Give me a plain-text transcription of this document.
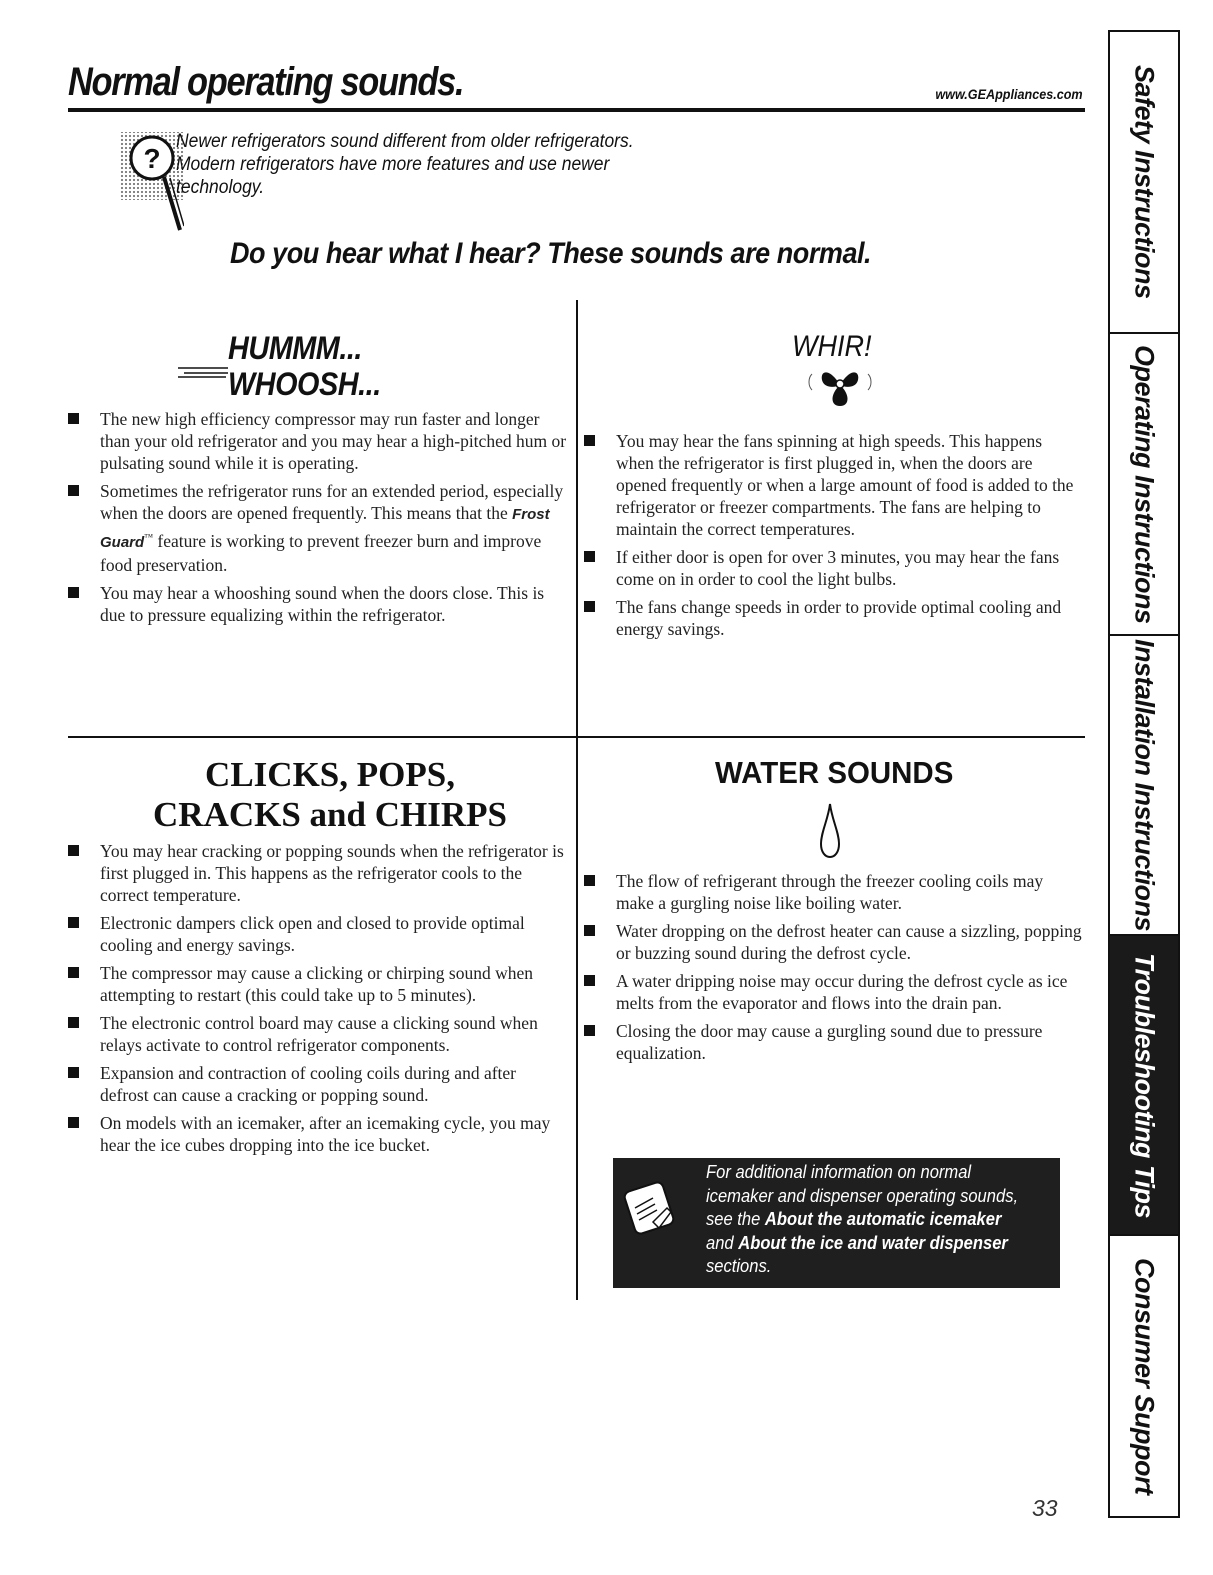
Normal operating sounds.	www.GEAppliances.com
?
Newer refrigerators sound different from older refrigerators. Modern refrigerators have more features and use newer technology.
Do you hear what I hear? These sounds are normal.
HUMMM...
WHOOSH...
The new high efficiency compressor may run faster and longer than your old refrigerator and you may hear a high-pitched hum or pulsating sound while it is operating.
Sometimes the refrigerator runs for an extended period, especially when the doors are opened frequently. This means that the Frost Guard™ feature is working to prevent freezer burn and improve food preservation.
You may hear a whooshing sound when the doors close. This is due to pressure equalizing within the refrigerator.
WHIR!
You may hear the fans spinning at high speeds. This happens when the refrigerator is first plugged in, when the doors are opened frequently or when a large amount of food is added to the refrigerator or freezer compartments. The fans are helping to maintain the correct temperatures.
If either door is open for over 3 minutes, you may hear the fans come on in order to cool the light bulbs.
The fans change speeds in order to provide optimal cooling and energy savings.
CLICKS, POPS,
CRACKS and CHIRPS
You may hear cracking or popping sounds when the refrigerator is first plugged in. This happens as the refrigerator cools to the correct temperature.
Electronic dampers click open and closed to provide optimal cooling and energy savings.
The compressor may cause a clicking or chirping sound when attempting to restart (this could take up to 5 minutes).
The electronic control board may cause a clicking sound when relays activate to control refrigerator components.
Expansion and contraction of cooling coils during and after defrost can cause a cracking or popping sound.
On models with an icemaker, after an icemaking cycle, you may hear the ice cubes dropping into the ice bucket.
WATER SOUNDS
The flow of refrigerant through the freezer cooling coils may make a gurgling noise like boiling water.
Water dropping on the defrost heater can cause a sizzling, popping or buzzing sound during the defrost cycle.
A water dripping noise may occur during the defrost cycle as ice melts from the evaporator and flows into the drain pan.
Closing the door may cause a gurgling sound due to pressure equalization.
For additional information on normal icemaker and dispenser operating sounds, see the About the automatic icemaker and About the ice and water dispenser sections.
33
Safety Instructions
Operating Instructions
Installation Instructions
Troubleshooting Tips
Consumer Support
